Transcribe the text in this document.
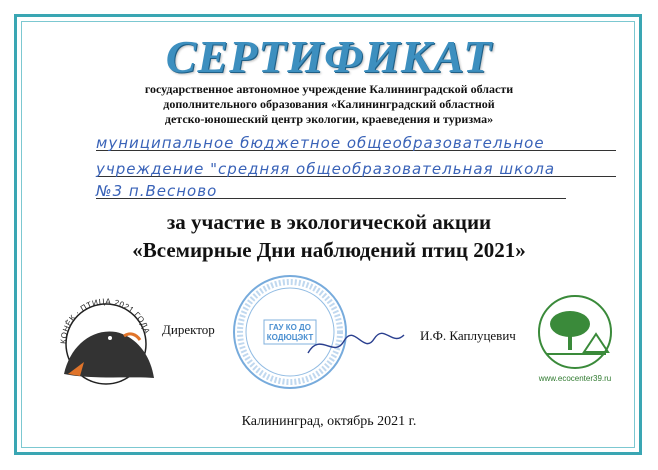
СЕРТИФИКАТ
государственное автономное учреждение Калининградской области
дополнительного образования «Калининградский областной
детско-юношеский центр экологии, краеведения и туризма»
муниципальное бюджетное общеобразовательное
учреждение "средняя общеобразовательная школа
№3 п.Весново
за участие в экологической акции
«Всемирные Дни наблюдений птиц 2021»
КОНЁК · ПТИЦА 2021 ГОДА Директор	ГАУ КО ДО
КОДЮЦЭКТ	И.Ф. Каплуцевич
www.ecocenter39.ru
Калининград, октябрь 2021 г.
